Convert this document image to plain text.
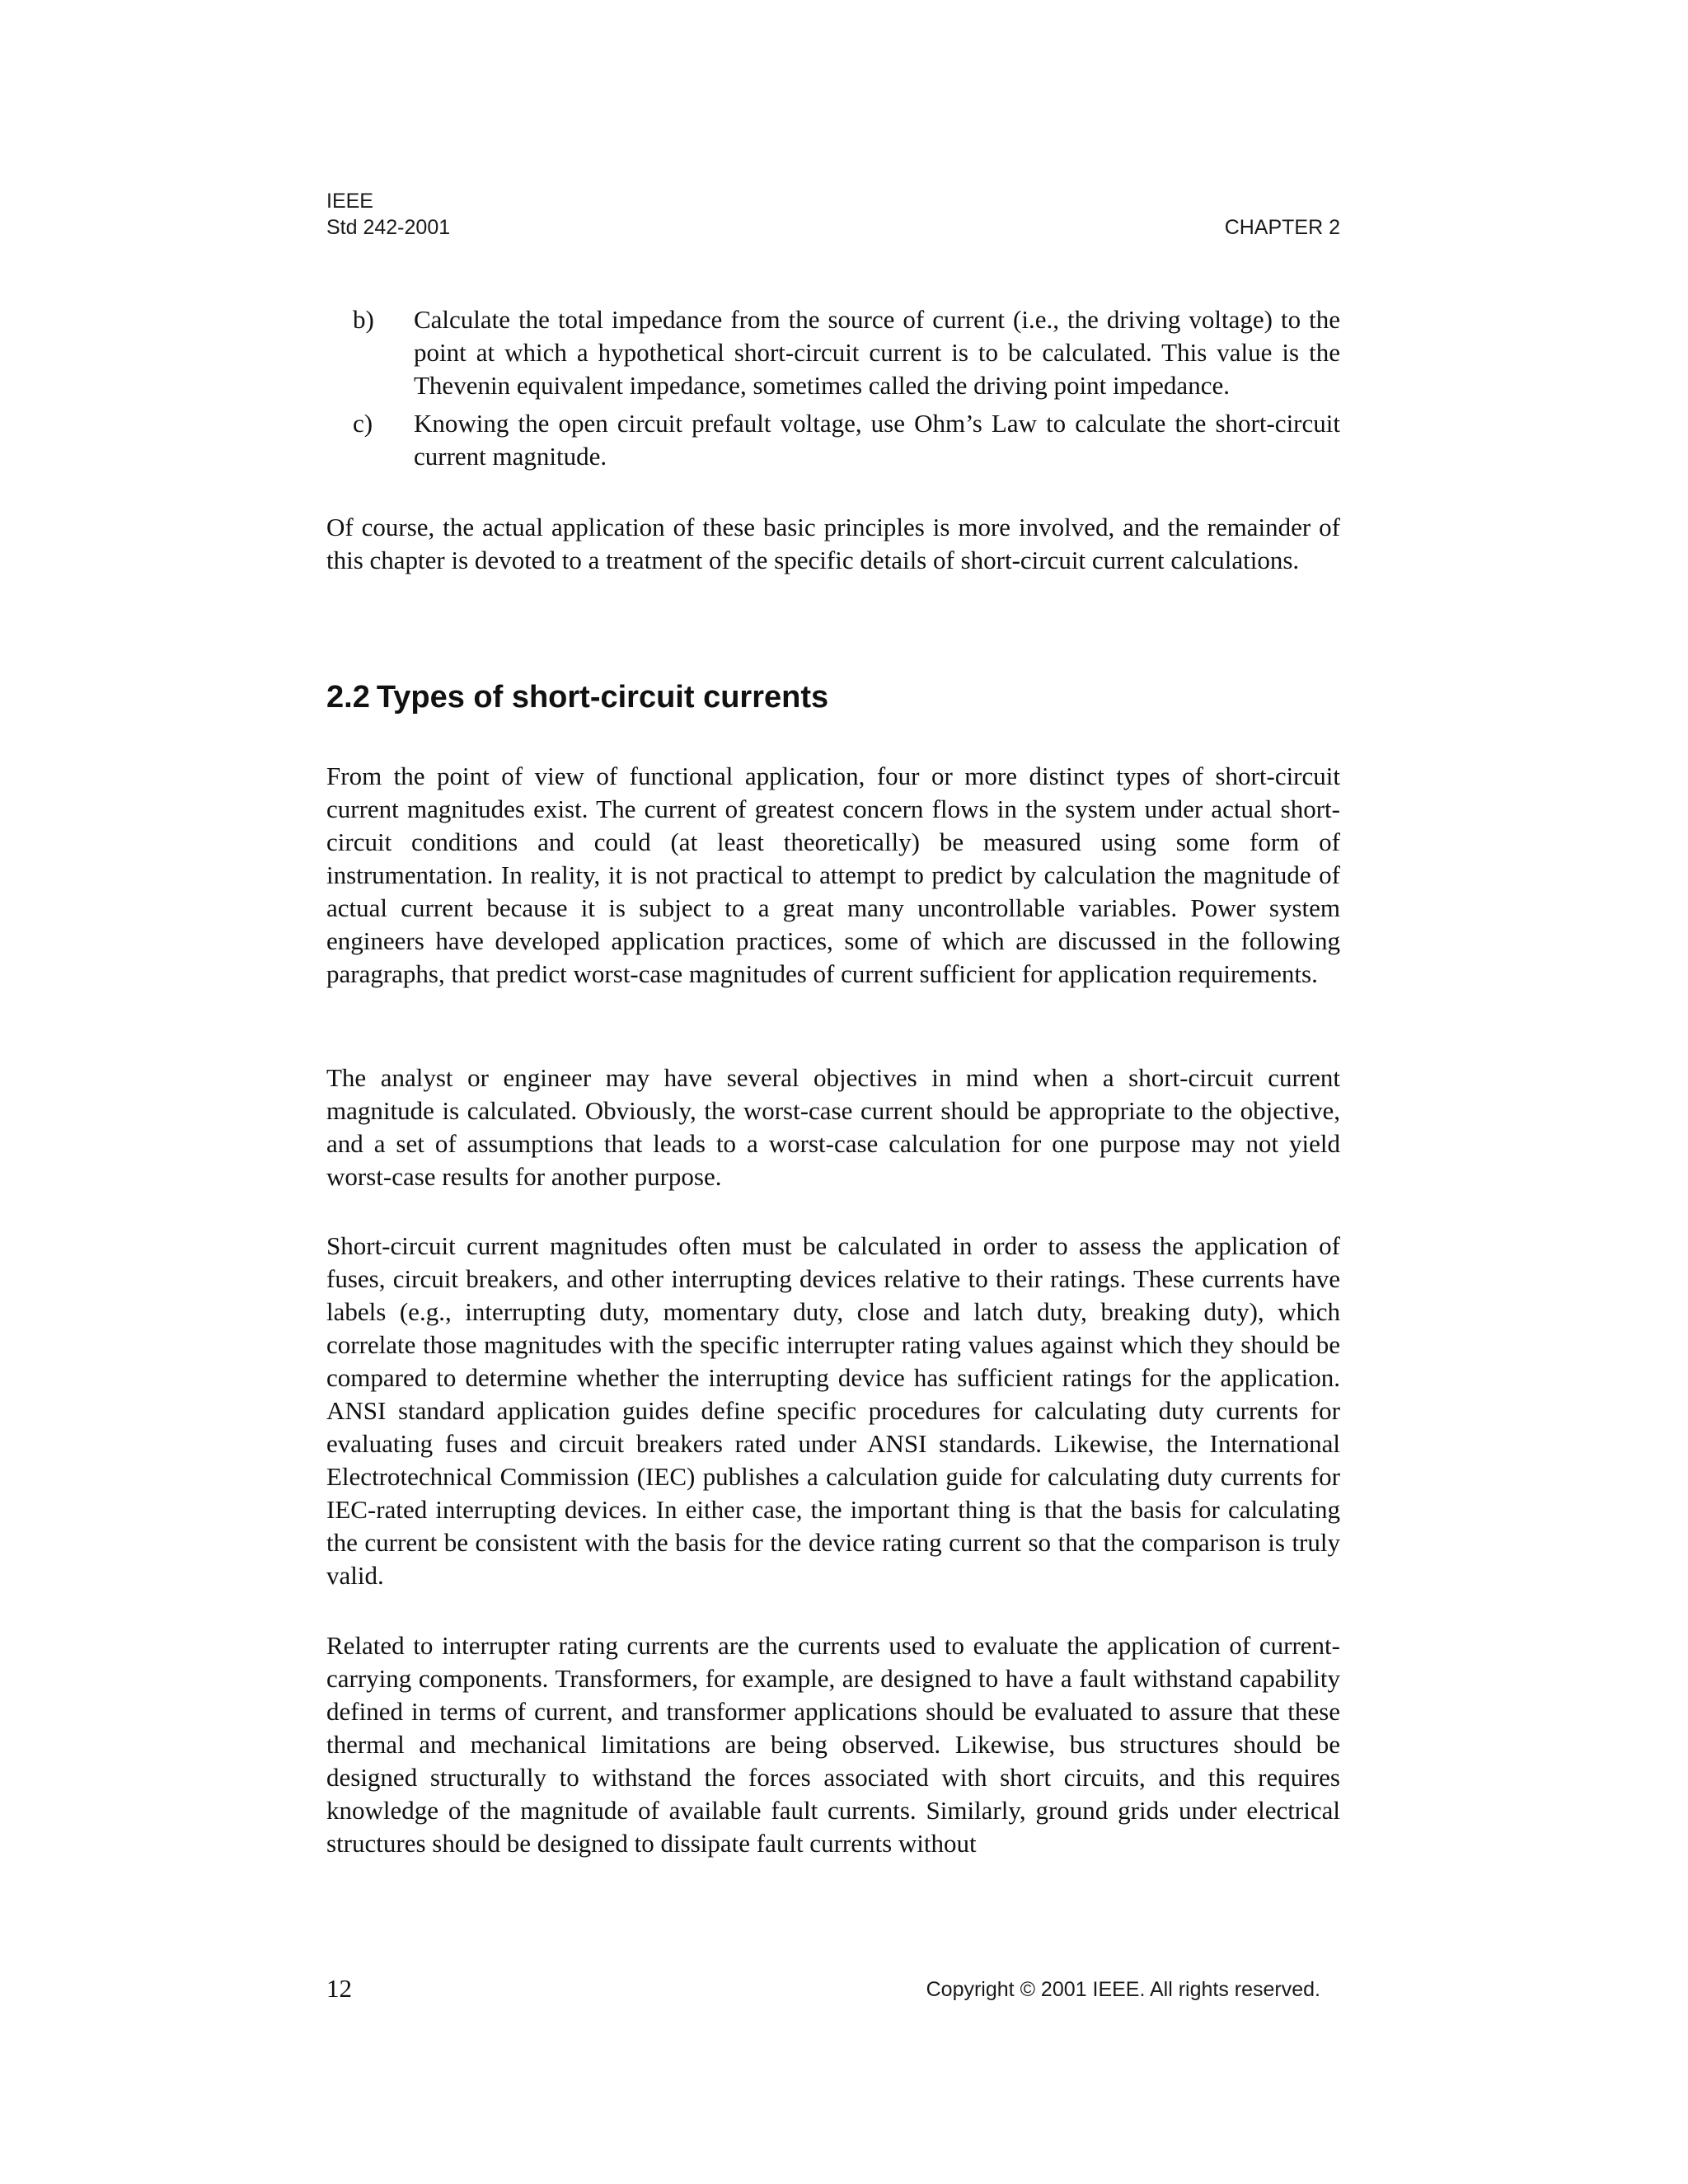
IEEE
Std 242-2001	CHAPTER 2
b) Calculate the total impedance from the source of current (i.e., the driving voltage) to the point at which a hypothetical short-circuit current is to be calculated. This value is the Thevenin equivalent impedance, sometimes called the driving point impedance.
c) Knowing the open circuit prefault voltage, use Ohm’s Law to calculate the short-circuit current magnitude.
Of course, the actual application of these basic principles is more involved, and the remainder of this chapter is devoted to a treatment of the specific details of short-circuit current calculations.
2.2 Types of short-circuit currents
From the point of view of functional application, four or more distinct types of short-circuit current magnitudes exist. The current of greatest concern flows in the system under actual short-circuit conditions and could (at least theoretically) be measured using some form of instrumentation. In reality, it is not practical to attempt to predict by calculation the magnitude of actual current because it is subject to a great many uncontrollable variables. Power system engineers have developed application practices, some of which are discussed in the following paragraphs, that predict worst-case magnitudes of current sufficient for application requirements.
The analyst or engineer may have several objectives in mind when a short-circuit current magnitude is calculated. Obviously, the worst-case current should be appropriate to the objective, and a set of assumptions that leads to a worst-case calculation for one purpose may not yield worst-case results for another purpose.
Short-circuit current magnitudes often must be calculated in order to assess the application of fuses, circuit breakers, and other interrupting devices relative to their ratings. These currents have labels (e.g., interrupting duty, momentary duty, close and latch duty, breaking duty), which correlate those magnitudes with the specific interrupter rating values against which they should be compared to determine whether the interrupting device has sufficient ratings for the application. ANSI standard application guides define specific procedures for calculating duty currents for evaluating fuses and circuit breakers rated under ANSI standards. Likewise, the International Electrotechnical Commission (IEC) publishes a calculation guide for calculating duty currents for IEC-rated interrupting devices. In either case, the important thing is that the basis for calculating the current be consistent with the basis for the device rating current so that the comparison is truly valid.
Related to interrupter rating currents are the currents used to evaluate the application of current-carrying components. Transformers, for example, are designed to have a fault withstand capability defined in terms of current, and transformer applications should be evaluated to assure that these thermal and mechanical limitations are being observed. Likewise, bus structures should be designed structurally to withstand the forces associated with short circuits, and this requires knowledge of the magnitude of available fault currents. Similarly, ground grids under electrical structures should be designed to dissipate fault currents without
12	Copyright © 2001 IEEE. All rights reserved.
